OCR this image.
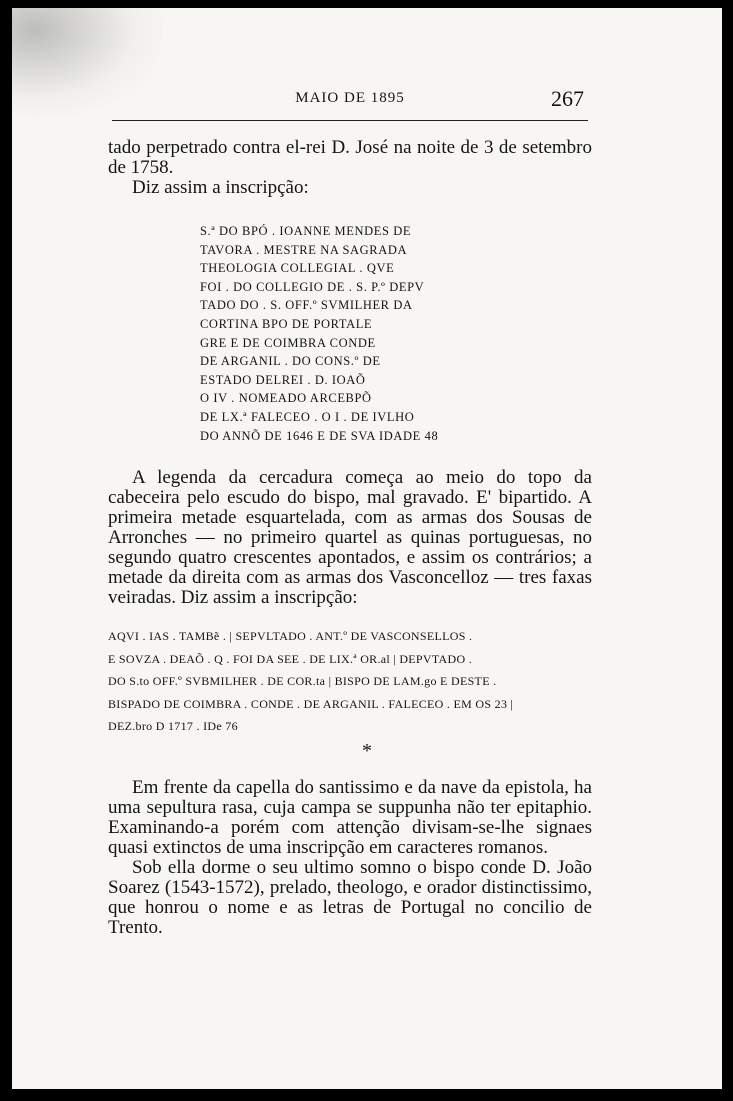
MAIO DE 1895	267

tado perpetrado contra el-rei D. José na noite de 3 de setembro de 1758.

Diz assim a inscripção:

S.ª DO BPÓ . IOANNE MENDES DE
TAVORA . MESTRE NA SAGRADA
THEOLOGIA COLLEGIAL . QVE
FOI . DO COLLEGIO DE . S. P.º DEPV
TADO DO . S. OFF.º SVMILHER DA
CORTINA BPO DE PORTALE
GRE E DE COIMBRA CONDE
DE ARGANIL . DO CONS.º DE
ESTADO DELREI . D. IOAÕ
O IV . NOMEADO ARCEBPÕ
DE LX.ª FALECEO . O I . DE IVLHO
DO ANNÕ DE 1646 E DE SVA IDADE 48

A legenda da cercadura começa ao meio do topo da cabeceira pelo escudo do bispo, mal gravado. E' bipartido. A primeira metade esquartelada, com as armas dos Sousas de Arronches — no primeiro quartel as quinas portuguesas, no segundo quatro crescentes apontados, e assim os contrários; a metade da direita com as armas dos Vasconcelloz — tres faxas veiradas. Diz assim a inscripção:

AQVI . IAS . TAMBẽ . | SEPVLTADO . ANT.º DE VASCONSELLOS .
E SOVZA . DEAÕ . Q . FOI DA SEE . DE LIX.ª OR.al | DEPVTADO .
DO S.to OFF.º SVBMILHER . DE COR.ta | BISPO DE LAM.go E DESTE .
BISPADO DE COIMBRA . CONDE . DE ARGANIL . FALECEO . EM OS 23 |
DEZ.bro D 1717 . IDe 76
*

Em frente da capella do santissimo e da nave da epistola, ha uma sepultura rasa, cuja campa se suppunha não ter epitaphio. Examinando-a porém com attenção divisam-se-lhe signaes quasi extinctos de uma inscripção em caracteres romanos.

Sob ella dorme o seu ultimo somno o bispo conde D. João Soarez (1543-1572), prelado, theologo, e orador distinctissimo, que honrou o nome e as letras de Portugal no concilio de Trento.
